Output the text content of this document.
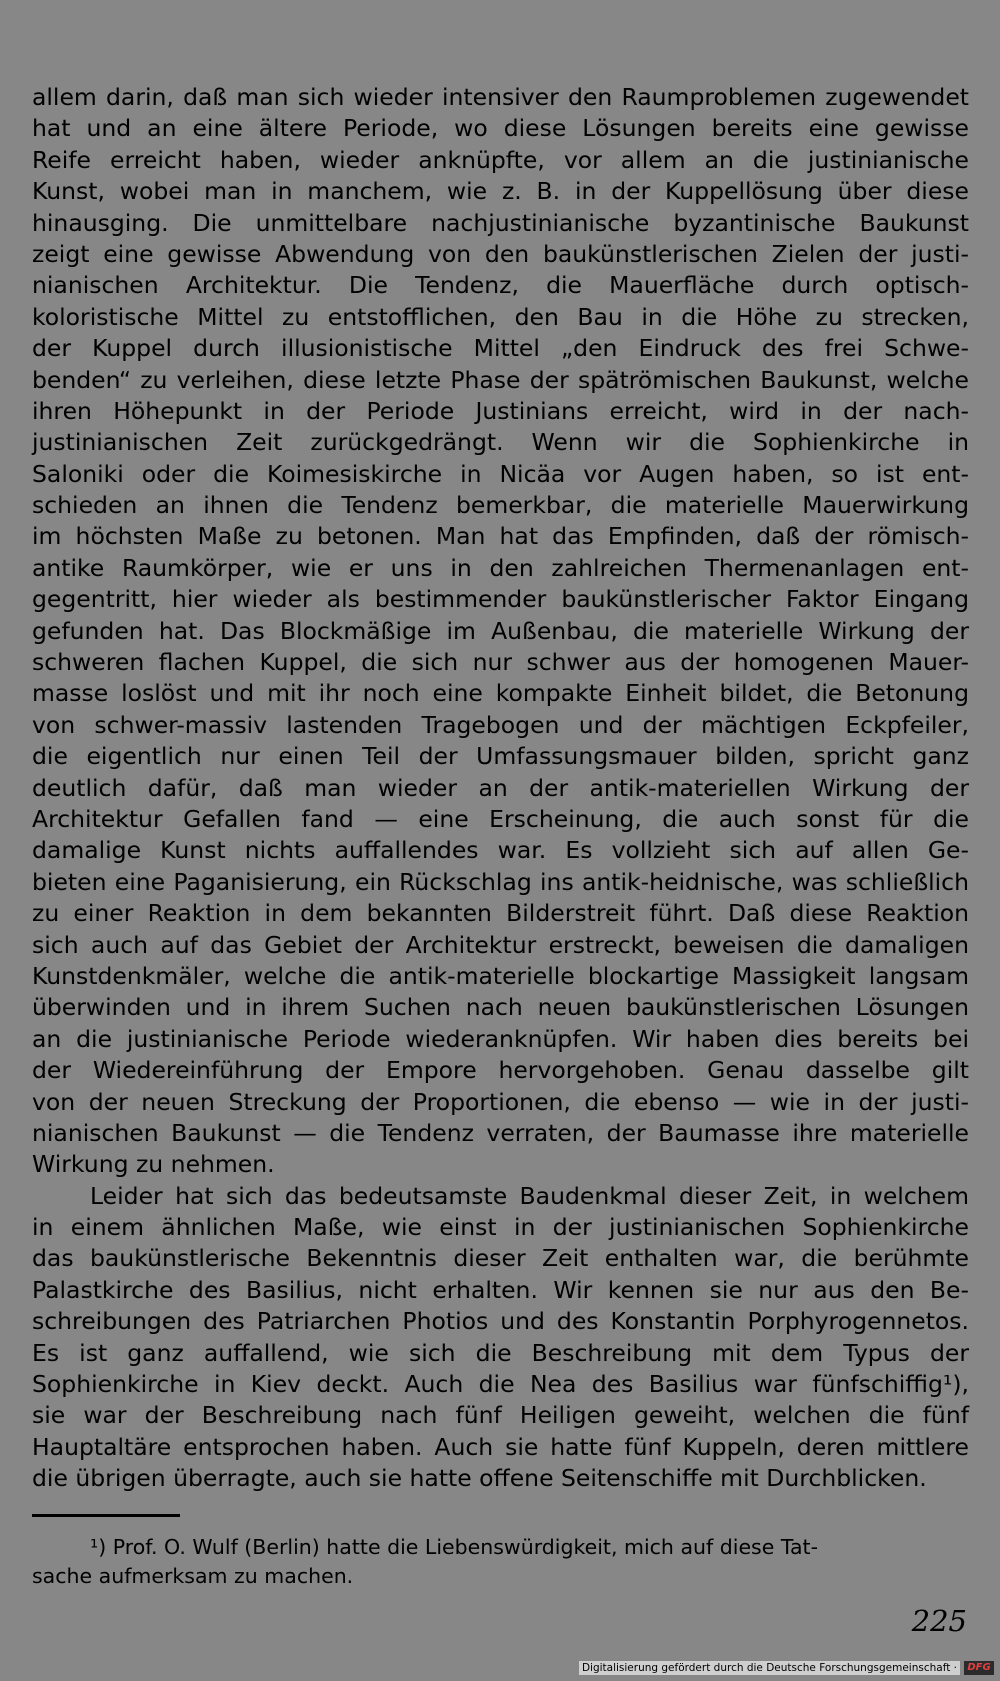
allem darin, daß man sich wieder intensiver den Raumproblemen zugewendet
hat und an eine ältere Periode, wo diese Lösungen bereits eine gewisse
Reife erreicht haben, wieder anknüpfte, vor allem an die justinianische
Kunst, wobei man in manchem, wie z. B. in der Kuppellösung über diese
hinausging. Die unmittelbare nachjustinianische byzantinische Baukunst
zeigt eine gewisse Abwendung von den baukünstlerischen Zielen der justi-
nianischen Architektur. Die Tendenz, die Mauerfläche durch optisch-
koloristische Mittel zu entstofflichen, den Bau in die Höhe zu strecken,
der Kuppel durch illusionistische Mittel „den Eindruck des frei Schwe-
benden“ zu verleihen, diese letzte Phase der spätrömischen Baukunst, welche
ihren Höhepunkt in der Periode Justinians erreicht, wird in der nach-
justinianischen Zeit zurückgedrängt. Wenn wir die Sophienkirche in
Saloniki oder die Koimesiskirche in Nicäa vor Augen haben, so ist ent-
schieden an ihnen die Tendenz bemerkbar, die materielle Mauerwirkung
im höchsten Maße zu betonen. Man hat das Empfinden, daß der römisch-
antike Raumkörper, wie er uns in den zahlreichen Thermenanlagen ent-
gegentritt, hier wieder als bestimmender baukünstlerischer Faktor Eingang
gefunden hat. Das Blockmäßige im Außenbau, die materielle Wirkung der
schweren flachen Kuppel, die sich nur schwer aus der homogenen Mauer-
masse loslöst und mit ihr noch eine kompakte Einheit bildet, die Betonung
von schwer-massiv lastenden Tragebogen und der mächtigen Eckpfeiler,
die eigentlich nur einen Teil der Umfassungsmauer bilden, spricht ganz
deutlich dafür, daß man wieder an der antik-materiellen Wirkung der
Architektur Gefallen fand — eine Erscheinung, die auch sonst für die
damalige Kunst nichts auffallendes war. Es vollzieht sich auf allen Ge-
bieten eine Paganisierung, ein Rückschlag ins antik-heidnische, was schließlich
zu einer Reaktion in dem bekannten Bilderstreit führt. Daß diese Reaktion
sich auch auf das Gebiet der Architektur erstreckt, beweisen die damaligen
Kunstdenkmäler, welche die antik-materielle blockartige Massigkeit langsam
überwinden und in ihrem Suchen nach neuen baukünstlerischen Lösungen
an die justinianische Periode wiederanknüpfen. Wir haben dies bereits bei
der Wiedereinführung der Empore hervorgehoben. Genau dasselbe gilt
von der neuen Streckung der Proportionen, die ebenso — wie in der justi-
nianischen Baukunst — die Tendenz verraten, der Baumasse ihre materielle
Wirkung zu nehmen.
Leider hat sich das bedeutsamste Baudenkmal dieser Zeit, in welchem
in einem ähnlichen Maße, wie einst in der justinianischen Sophienkirche
das baukünstlerische Bekenntnis dieser Zeit enthalten war, die berühmte
Palastkirche des Basilius, nicht erhalten. Wir kennen sie nur aus den Be-
schreibungen des Patriarchen Photios und des Konstantin Porphyrogennetos.
Es ist ganz auffallend, wie sich die Beschreibung mit dem Typus der
Sophienkirche in Kiev deckt. Auch die Nea des Basilius war fünfschiffig¹),
sie war der Beschreibung nach fünf Heiligen geweiht, welchen die fünf
Hauptaltäre entsprochen haben. Auch sie hatte fünf Kuppeln, deren mittlere
die übrigen überragte, auch sie hatte offene Seitenschiffe mit Durchblicken.
¹) Prof. O. Wulf (Berlin) hatte die Liebenswürdigkeit, mich auf diese Tat-
sache aufmerksam zu machen.
225
Digitalisierung gefördert durch die Deutsche Forschungsgemeinschaft ·	DFG
